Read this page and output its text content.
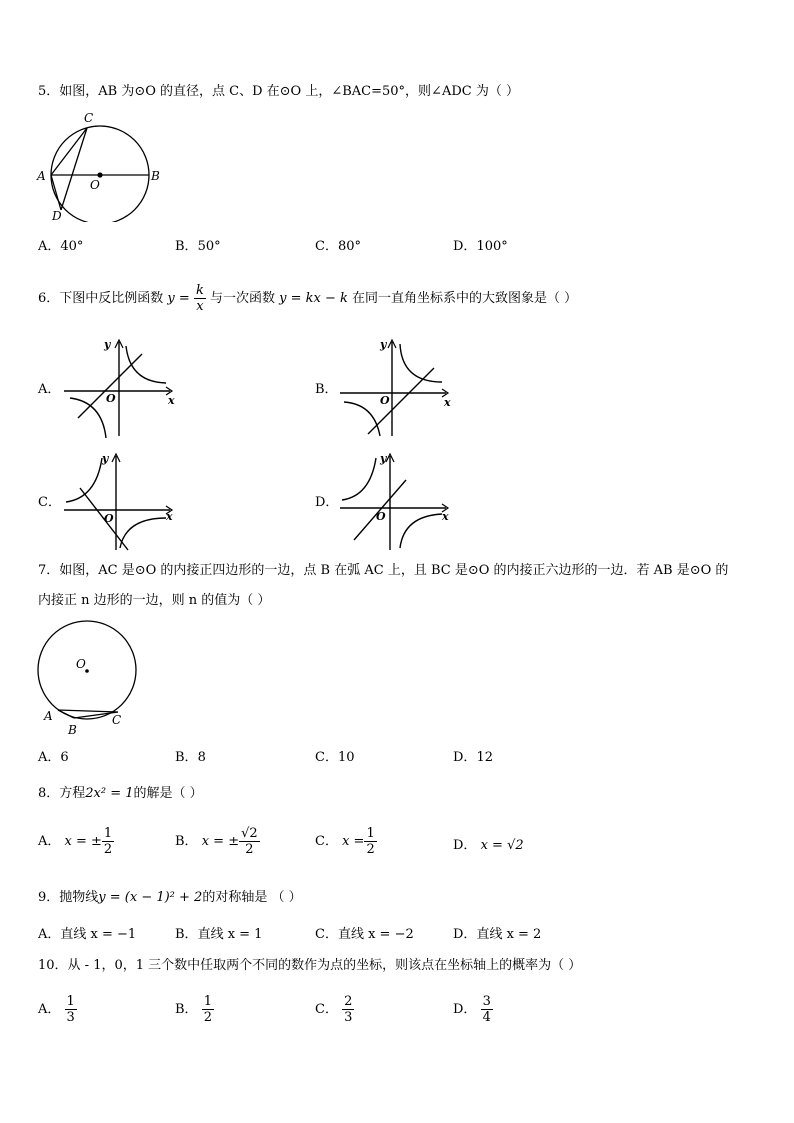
5．如图，AB 为⊙O 的直径，点 C、D 在⊙O 上，∠BAC=50°，则∠ADC 为（ ）
C
A
O
B
D
A．40°	B．50°	C．80°	D．100°
6．下图中反比例函数 $y = \frac{k}{x}$ 与一次函数 y = kx − k 在同一直角坐标系中的大致图象是（ ）
A．
y
x
O
B．
y
x
O
C．
y
x
O
D．
y
x
O
7．如图，AC 是⊙O 的内接正四边形的一边，点 B 在弧 AC 上，且 BC 是⊙O 的内接正六边形的一边．若 AB 是⊙O 的
内接正 n 边形的一边，则 n 的值为（ ）
O
A
B
C
A．6	B．8	C．10	D．12
8．方程2x² = 1的解是（ ）
A． x = ± $\frac{1}{2}$	B． x = ± $\frac{√2}{2}$	C． $x = \frac{1}{2}$	D． x = √2
9．抛物线y = (x − 1)² + 2的对称轴是 （ ）
A．直线 x = −1	B．直线 x = 1	C．直线 x = −2	D．直线 x = 2
10．从 - 1，0，1 三个数中任取两个不同的数作为点的坐标，则该点在坐标轴上的概率为（ ）
A． $\frac{1}{3}$	B． $\frac{1}{2}$	C． $\frac{2}{3}$	D． $\frac{3}{4}$
